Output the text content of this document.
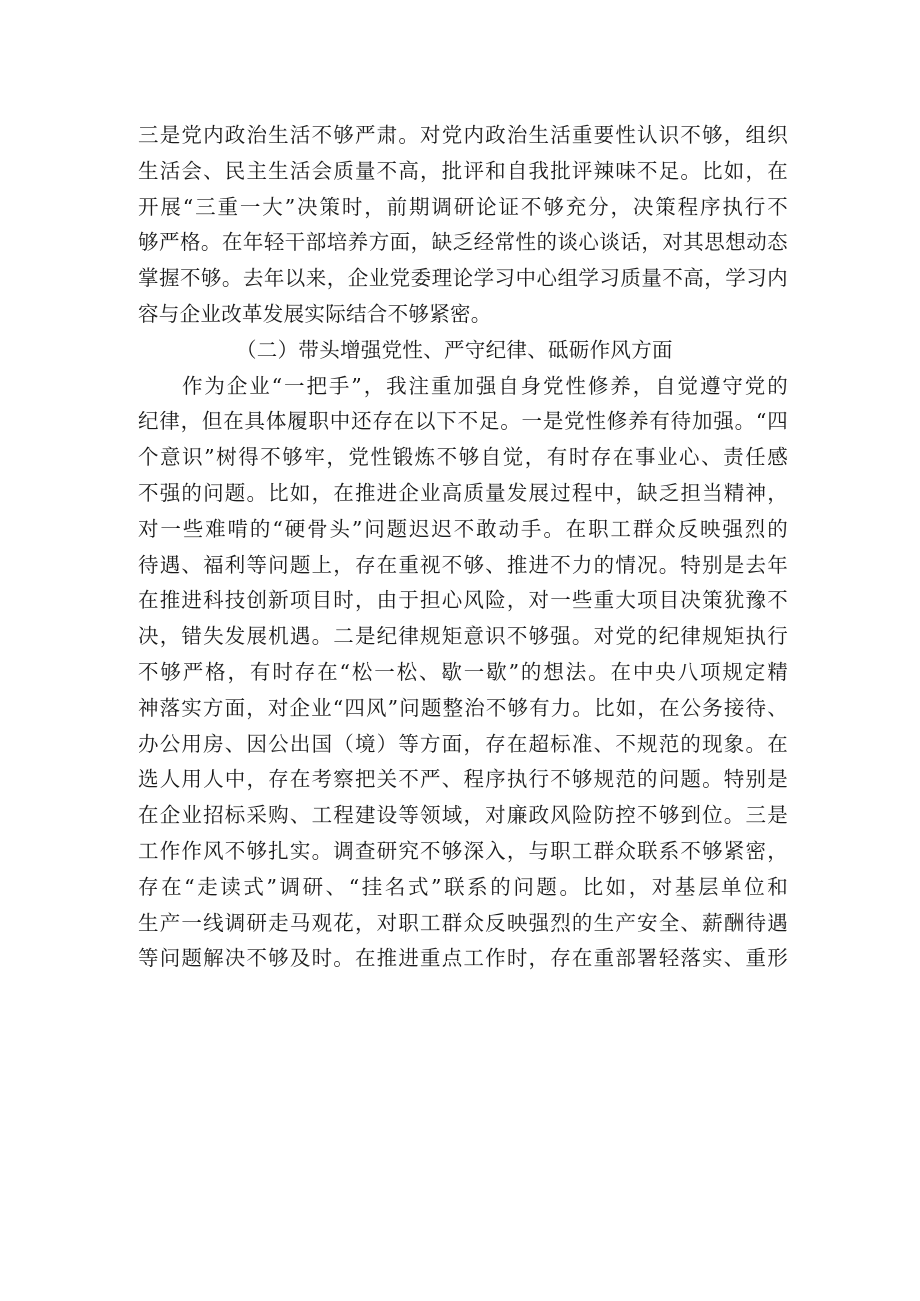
三是党内政治生活不够严肃。对党内政治生活重要性认识不够，组织
生活会、民主生活会质量不高，批评和自我批评辣味不足。比如，在
开展“三重一大”决策时，前期调研论证不够充分，决策程序执行不
够严格。在年轻干部培养方面，缺乏经常性的谈心谈话，对其思想动态
掌握不够。去年以来，企业党委理论学习中心组学习质量不高，学习内
容与企业改革发展实际结合不够紧密。
（二）带头增强党性、严守纪律、砥砺作风方面
作为企业“一把手”，我注重加强自身党性修养，自觉遵守党的
纪律，但在具体履职中还存在以下不足。一是党性修养有待加强。“四
个意识”树得不够牢，党性锻炼不够自觉，有时存在事业心、责任感
不强的问题。比如，在推进企业高质量发展过程中，缺乏担当精神，
对一些难啃的“硬骨头”问题迟迟不敢动手。在职工群众反映强烈的
待遇、福利等问题上，存在重视不够、推进不力的情况。特别是去年
在推进科技创新项目时，由于担心风险，对一些重大项目决策犹豫不
决，错失发展机遇。二是纪律规矩意识不够强。对党的纪律规矩执行
不够严格，有时存在“松一松、歇一歇”的想法。在中央八项规定精
神落实方面，对企业“四风”问题整治不够有力。比如，在公务接待、
办公用房、因公出国（境）等方面，存在超标准、不规范的现象。在
选人用人中，存在考察把关不严、程序执行不够规范的问题。特别是
在企业招标采购、工程建设等领域，对廉政风险防控不够到位。三是
工作作风不够扎实。调查研究不够深入，与职工群众联系不够紧密，
存在“走读式”调研、“挂名式”联系的问题。比如，对基层单位和
生产一线调研走马观花，对职工群众反映强烈的生产安全、薪酬待遇
等问题解决不够及时。在推进重点工作时，存在重部署轻落实、重形
